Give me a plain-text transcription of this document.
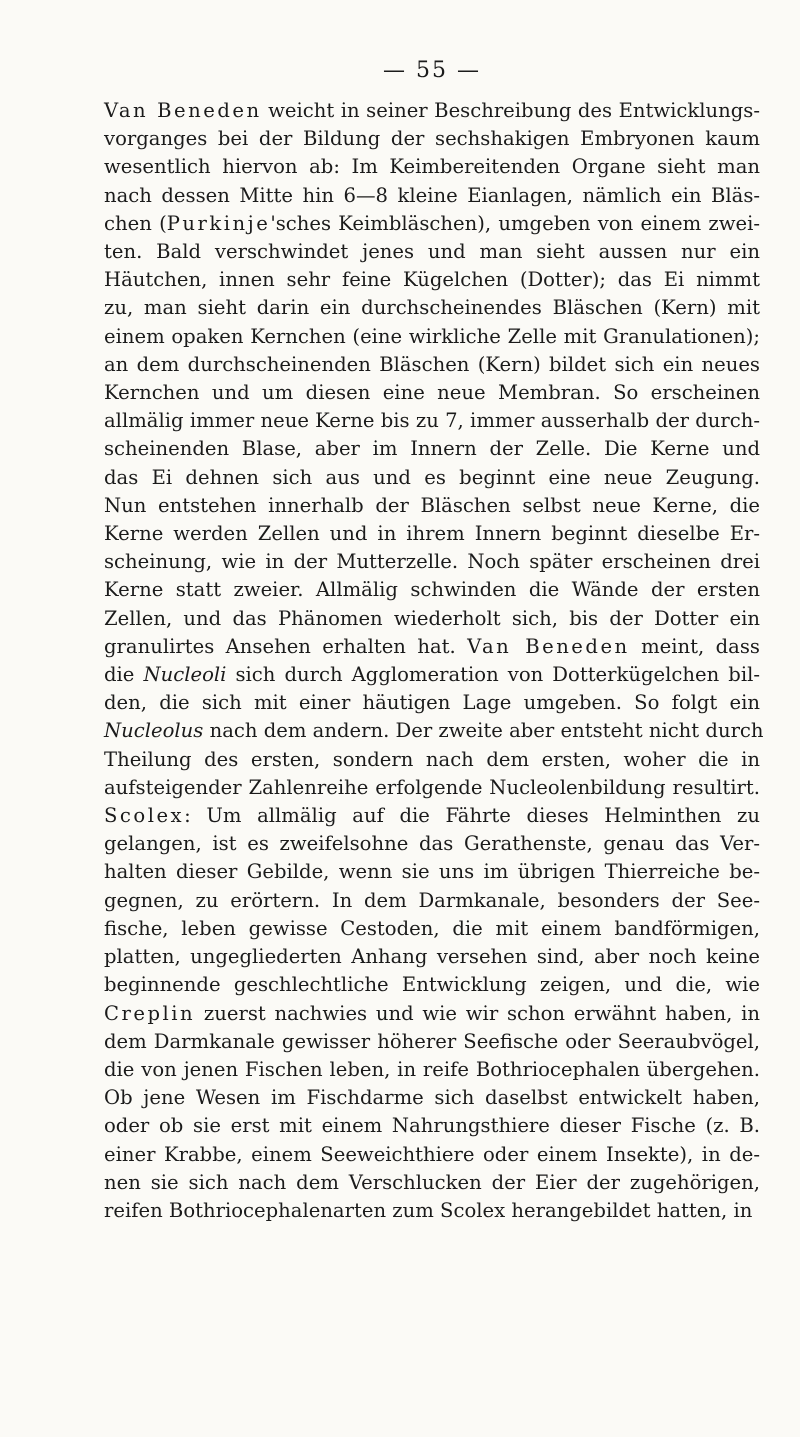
— 55 —
Van Beneden weicht in seiner Beschreibung des Entwicklungs-
vorganges bei der Bildung der sechshakigen Embryonen kaum
wesentlich hiervon ab: Im Keimbereitenden Organe sieht man
nach dessen Mitte hin 6—8 kleine Eianlagen, nämlich ein Bläs-
chen (Purkinje'sches Keimbläschen), umgeben von einem zwei-
ten. Bald verschwindet jenes und man sieht aussen nur ein
Häutchen, innen sehr feine Kügelchen (Dotter); das Ei nimmt
zu, man sieht darin ein durchscheinendes Bläschen (Kern) mit
einem opaken Kernchen (eine wirkliche Zelle mit Granulationen);
an dem durchscheinenden Bläschen (Kern) bildet sich ein neues
Kernchen und um diesen eine neue Membran. So erscheinen
allmälig immer neue Kerne bis zu 7, immer ausserhalb der durch-
scheinenden Blase, aber im Innern der Zelle. Die Kerne und
das Ei dehnen sich aus und es beginnt eine neue Zeugung.
Nun entstehen innerhalb der Bläschen selbst neue Kerne, die
Kerne werden Zellen und in ihrem Innern beginnt dieselbe Er-
scheinung, wie in der Mutterzelle. Noch später erscheinen drei
Kerne statt zweier. Allmälig schwinden die Wände der ersten
Zellen, und das Phänomen wiederholt sich, bis der Dotter ein
granulirtes Ansehen erhalten hat. Van Beneden meint, dass
die Nucleoli sich durch Agglomeration von Dotterkügelchen bil-
den, die sich mit einer häutigen Lage umgeben. So folgt ein
Nucleolus nach dem andern. Der zweite aber entsteht nicht durch
Theilung des ersten, sondern nach dem ersten, woher die in
aufsteigender Zahlenreihe erfolgende Nucleolenbildung resultirt.
Scolex: Um allmälig auf die Fährte dieses Helminthen zu
gelangen, ist es zweifelsohne das Gerathenste, genau das Ver-
halten dieser Gebilde, wenn sie uns im übrigen Thierreiche be-
gegnen, zu erörtern. In dem Darmkanale, besonders der See-
fische, leben gewisse Cestoden, die mit einem bandförmigen,
platten, ungegliederten Anhang versehen sind, aber noch keine
beginnende geschlechtliche Entwicklung zeigen, und die, wie
Creplin zuerst nachwies und wie wir schon erwähnt haben, in
dem Darmkanale gewisser höherer Seefische oder Seeraubvögel,
die von jenen Fischen leben, in reife Bothriocephalen übergehen.
Ob jene Wesen im Fischdarme sich daselbst entwickelt haben,
oder ob sie erst mit einem Nahrungsthiere dieser Fische (z. B.
einer Krabbe, einem Seeweichthiere oder einem Insekte), in de-
nen sie sich nach dem Verschlucken der Eier der zugehörigen,
reifen Bothriocephalenarten zum Scolex herangebildet hatten, in
